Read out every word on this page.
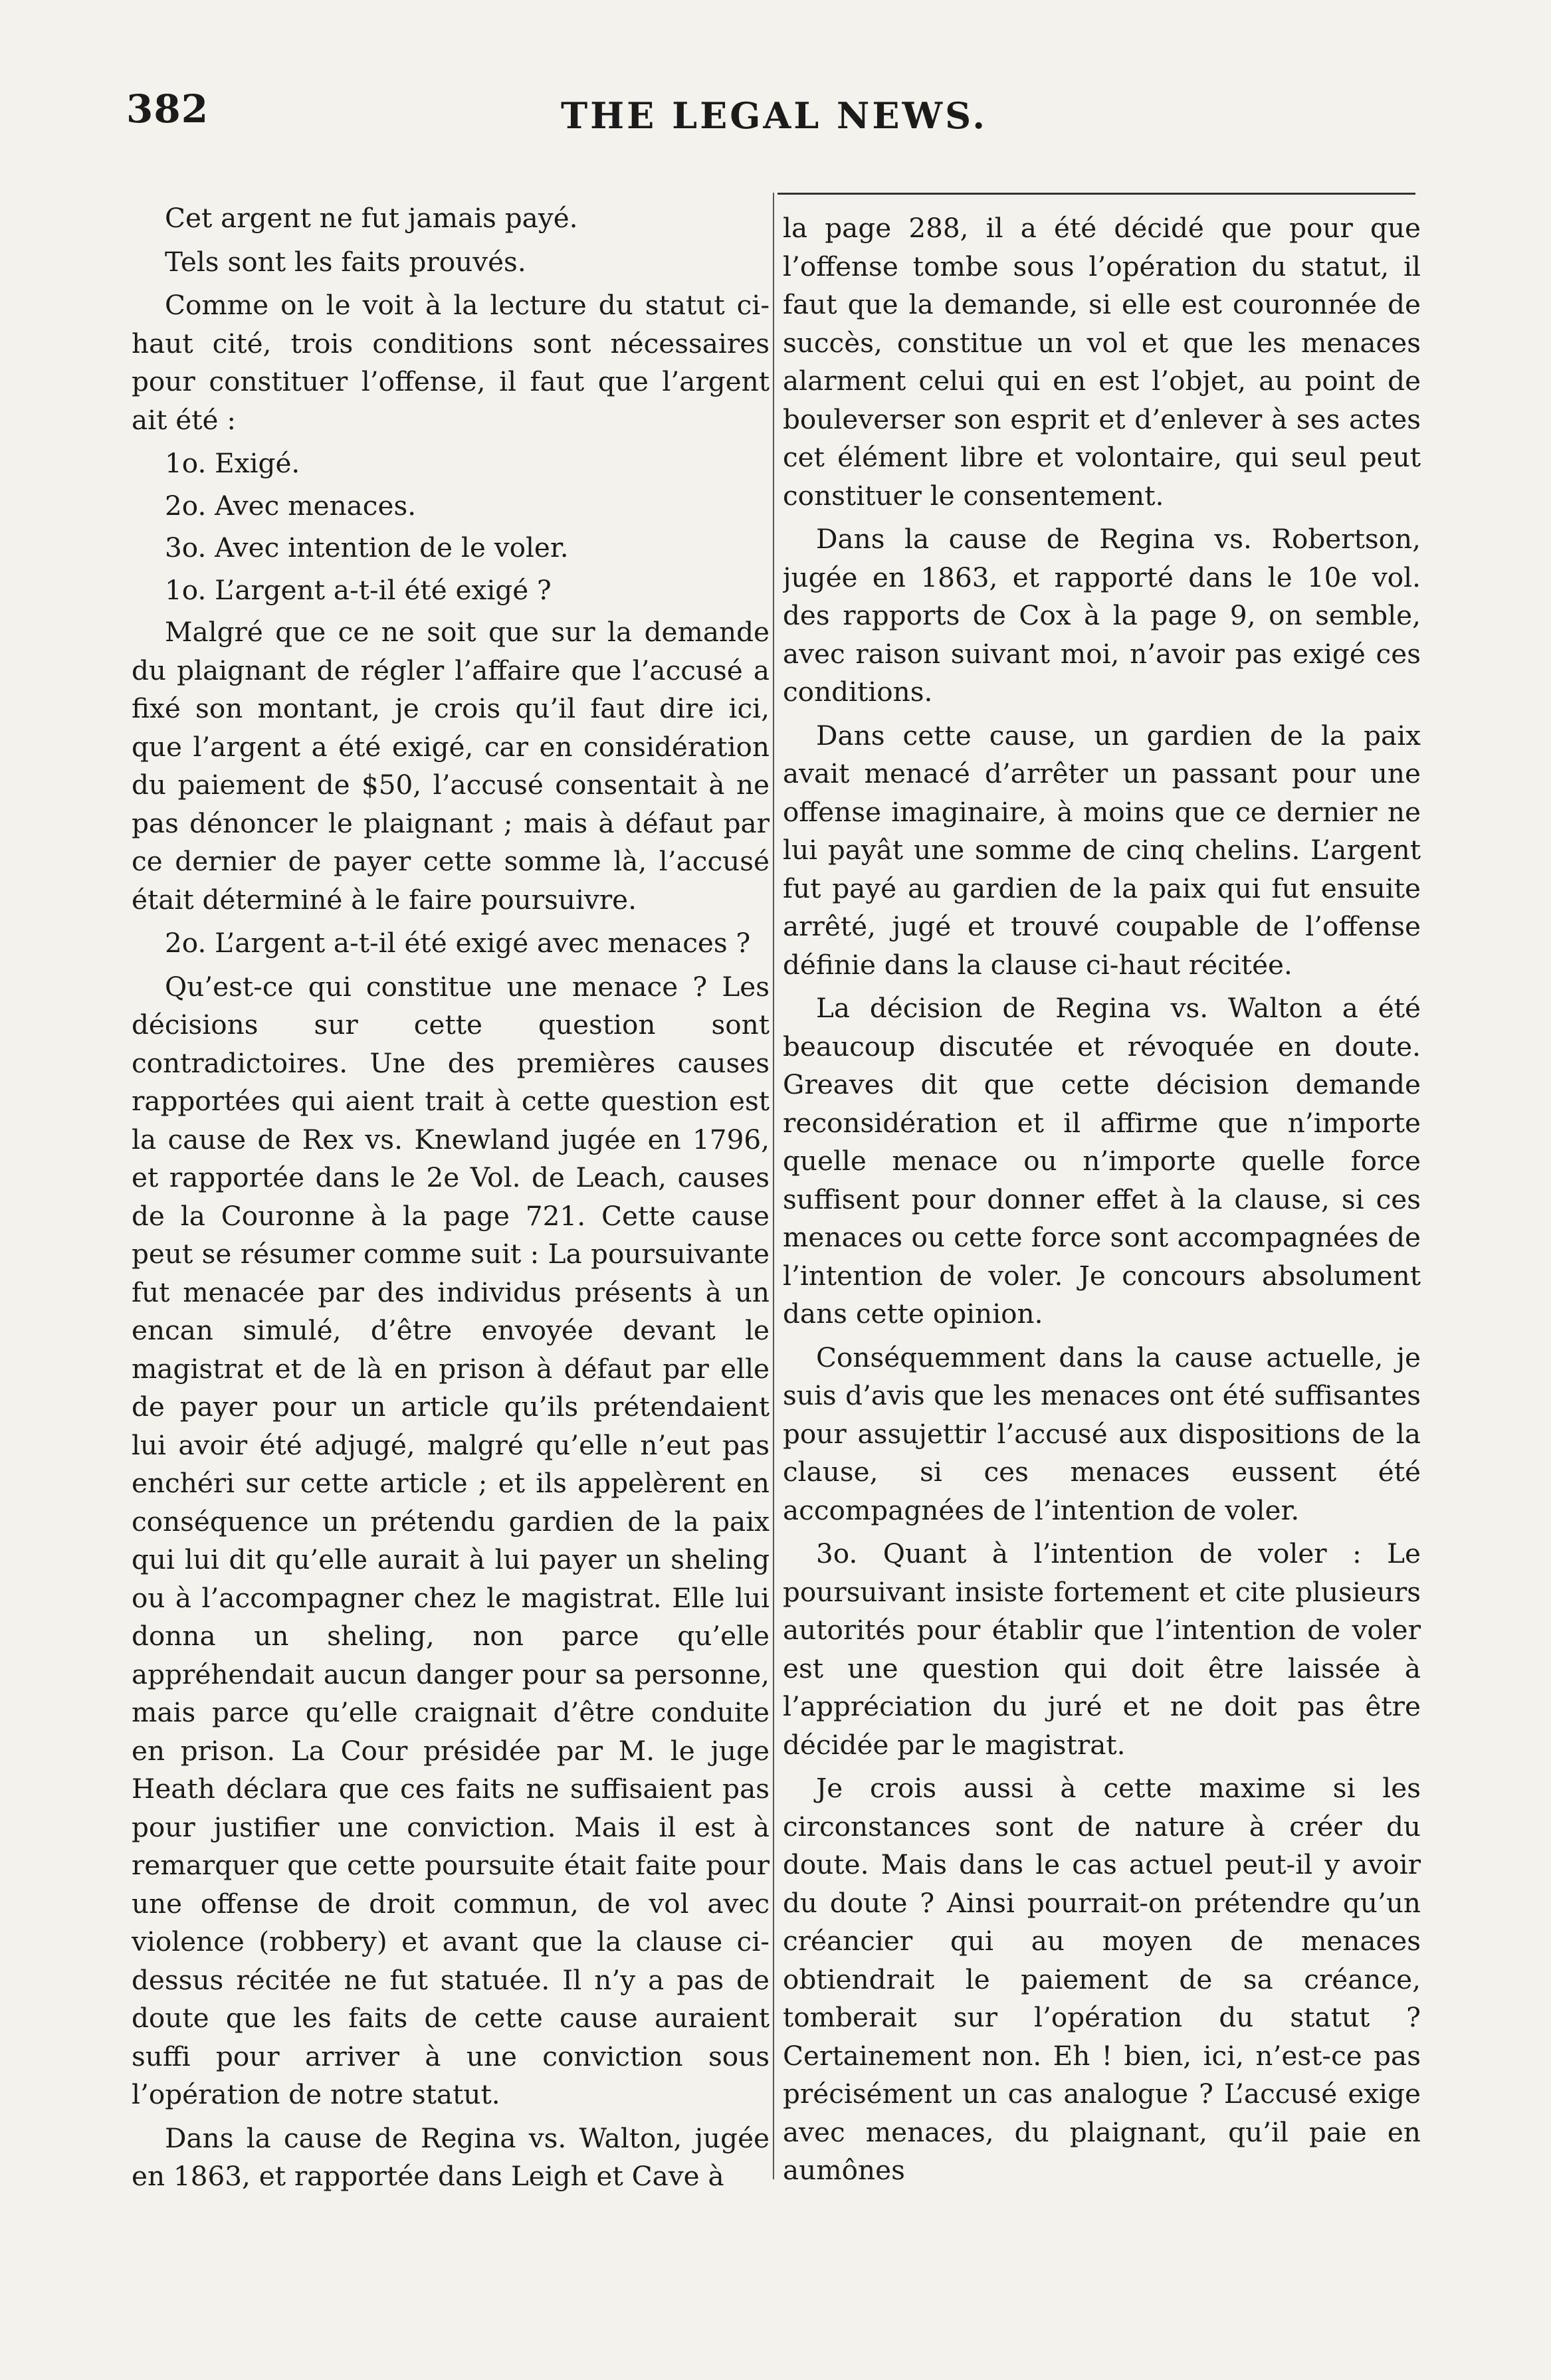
382	THE LEGAL NEWS.

Cet argent ne fut jamais payé.

Tels sont les faits prouvés.

Comme on le voit à la lecture du statut ci-haut cité, trois conditions sont nécessaires pour constituer l’offense, il faut que l’argent ait été :

1o. Exigé.

2o. Avec menaces.

3o. Avec intention de le voler.

1o. L’argent a-t-il été exigé ?

Malgré que ce ne soit que sur la demande du plaignant de régler l’affaire que l’accusé a fixé son montant, je crois qu’il faut dire ici, que l’argent a été exigé, car en considération du paiement de $50, l’accusé consentait à ne pas dénoncer le plaignant ; mais à défaut par ce dernier de payer cette somme là, l’accusé était déterminé à le faire poursuivre.

2o. L’argent a-t-il été exigé avec menaces ?

Qu’est-ce qui constitue une menace ? Les décisions sur cette question sont contradictoires. Une des premières causes rapportées qui aient trait à cette question est la cause de Rex vs. Knewland jugée en 1796, et rapportée dans le 2e Vol. de Leach, causes de la Couronne à la page 721. Cette cause peut se résumer comme suit : La poursuivante fut menacée par des individus présents à un encan simulé, d’être envoyée devant le magistrat et de là en prison à défaut par elle de payer pour un article qu’ils prétendaient lui avoir été adjugé, malgré qu’elle n’eut pas enchéri sur cette article ; et ils appelèrent en conséquence un prétendu gardien de la paix qui lui dit qu’elle aurait à lui payer un sheling ou à l’accompagner chez le magistrat. Elle lui donna un sheling, non parce qu’elle appréhendait aucun danger pour sa personne, mais parce qu’elle craignait d’être conduite en prison. La Cour présidée par M. le juge Heath déclara que ces faits ne suffisaient pas pour justifier une conviction. Mais il est à remarquer que cette poursuite était faite pour une offense de droit commun, de vol avec violence (robbery) et avant que la clause ci-dessus récitée ne fut statuée. Il n’y a pas de doute que les faits de cette cause auraient suffi pour arriver à une conviction sous l’opération de notre statut.

Dans la cause de Regina vs. Walton, jugée en 1863, et rapportée dans Leigh et Cave à

la page 288, il a été décidé que pour que l’offense tombe sous l’opération du statut, il faut que la demande, si elle est couronnée de succès, constitue un vol et que les menaces alarment celui qui en est l’objet, au point de bouleverser son esprit et d’enlever à ses actes cet élément libre et volontaire, qui seul peut constituer le consentement.

Dans la cause de Regina vs. Robertson, jugée en 1863, et rapporté dans le 10e vol. des rapports de Cox à la page 9, on semble, avec raison suivant moi, n’avoir pas exigé ces conditions.

Dans cette cause, un gardien de la paix avait menacé d’arrêter un passant pour une offense imaginaire, à moins que ce dernier ne lui payât une somme de cinq chelins. L’argent fut payé au gardien de la paix qui fut ensuite arrêté, jugé et trouvé coupable de l’offense définie dans la clause ci-haut récitée.

La décision de Regina vs. Walton a été beaucoup discutée et révoquée en doute. Greaves dit que cette décision demande reconsidération et il affirme que n’importe quelle menace ou n’importe quelle force suffisent pour donner effet à la clause, si ces menaces ou cette force sont accompagnées de l’intention de voler. Je concours absolument dans cette opinion.

Conséquemment dans la cause actuelle, je suis d’avis que les menaces ont été suffisantes pour assujettir l’accusé aux dispositions de la clause, si ces menaces eussent été accompagnées de l’intention de voler.

3o. Quant à l’intention de voler : Le poursuivant insiste fortement et cite plusieurs autorités pour établir que l’intention de voler est une question qui doit être laissée à l’appréciation du juré et ne doit pas être décidée par le magistrat.

Je crois aussi à cette maxime si les circonstances sont de nature à créer du doute. Mais dans le cas actuel peut-il y avoir du doute ? Ainsi pourrait-on prétendre qu’un créancier qui au moyen de menaces obtiendrait le paiement de sa créance, tomberait sur l’opération du statut ? Certainement non. Eh ! bien, ici, n’est-ce pas précisément un cas analogue ? L’accusé exige avec menaces, du plaignant, qu’il paie en aumônes
